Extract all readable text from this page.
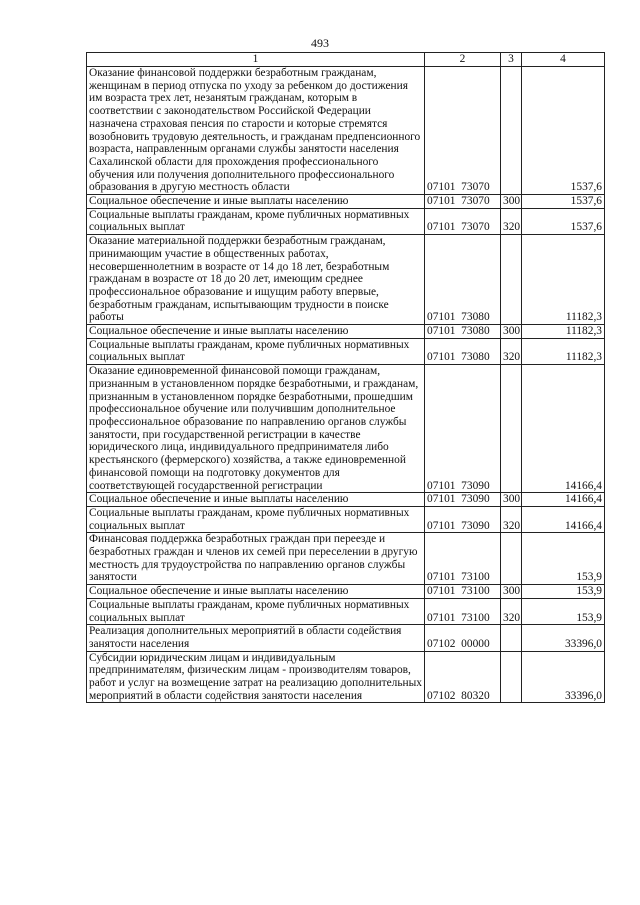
493
1	2	3	4
Оказание финансовой поддержки безработным гражданам, женщинам в период отпуска по уходу за ребенком до достижения им возраста трех лет, незанятым гражданам, которым в соответствии с законодательством Российской Федерации назначена страховая пенсия по старости и которые стремятся возобновить трудовую деятельность, и гражданам предпенсионного возраста, направленным органами службы занятости населения Сахалинской области для прохождения профессионального обучения или получения дополнительного профессионального образования в другую местность области	07101  73070		1537,6
Социальное обеспечение и иные выплаты населению	07101  73070	300	1537,6
Социальные выплаты гражданам, кроме публичных нормативных социальных выплат	07101  73070	320	1537,6
Оказание материальной поддержки безработным гражданам, принимающим участие в общественных работах, несовершеннолетним в возрасте от 14 до 18 лет, безработным гражданам в возрасте от 18 до 20 лет, имеющим среднее профессиональное образование и ищущим работу впервые, безработным гражданам, испытывающим трудности в поиске работы	07101  73080		11182,3
Социальное обеспечение и иные выплаты населению	07101  73080	300	11182,3
Социальные выплаты гражданам, кроме публичных нормативных социальных выплат	07101  73080	320	11182,3
Оказание единовременной финансовой помощи гражданам, признанным в установленном порядке безработными, и гражданам, признанным в установленном порядке безработными, прошедшим профессиональное обучение или получившим дополнительное профессиональное образование по направлению органов службы занятости, при государственной регистрации в качестве юридического лица, индивидуального предпринимателя либо крестьянского (фермерского) хозяйства, а также единовременной финансовой помощи на подготовку документов для соответствующей государственной регистрации	07101  73090		14166,4
Социальное обеспечение и иные выплаты населению	07101  73090	300	14166,4
Социальные выплаты гражданам, кроме публичных нормативных социальных выплат	07101  73090	320	14166,4
Финансовая поддержка безработных граждан при переезде и безработных граждан и членов их семей при переселении в другую местность для трудоустройства по направлению органов службы занятости	07101  73100		153,9
Социальное обеспечение и иные выплаты населению	07101  73100	300	153,9
Социальные выплаты гражданам, кроме публичных нормативных социальных выплат	07101  73100	320	153,9
Реализация дополнительных мероприятий в области содействия занятости населения	07102  00000		33396,0
Субсидии юридическим лицам и индивидуальным предпринимателям, физическим лицам - производителям товаров, работ и услуг на возмещение затрат на реализацию дополнительных мероприятий в области содействия занятости населения	07102  80320		33396,0
